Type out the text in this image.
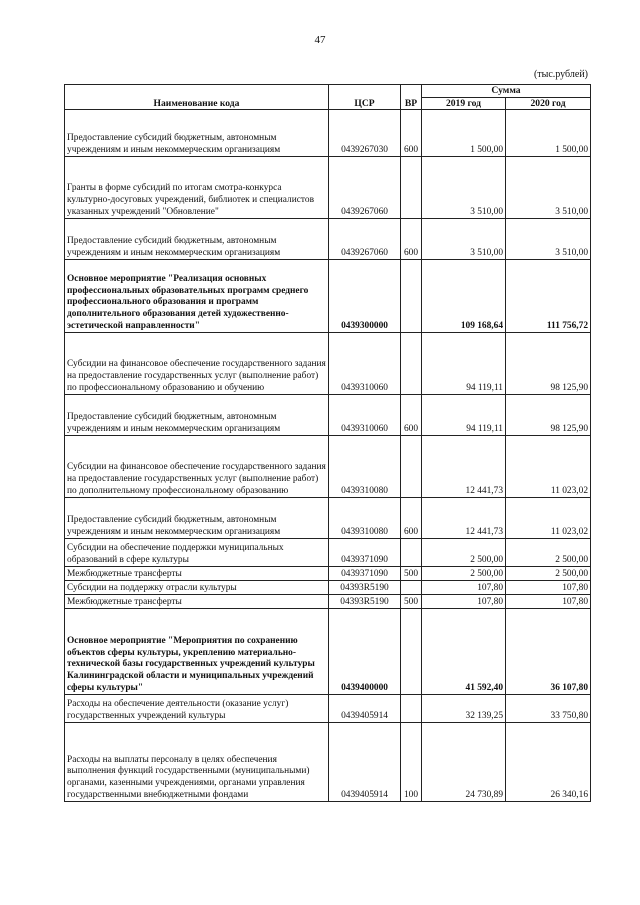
47
(тыс.рублей)
Наименование кода	ЦСР	ВР	Сумма	
			2019 год	2020 год
Предоставление субсидий бюджетным, автономным учреждениям и иным некоммерческим организациям	0439267030	600	1 500,00	1 500,00
Гранты в форме субсидий по итогам смотра-конкурса культурно-досуговых учреждений, библиотек и специалистов указанных учреждений "Обновление"	0439267060		3 510,00	3 510,00
Предоставление субсидий бюджетным, автономным учреждениям и иным некоммерческим организациям	0439267060	600	3 510,00	3 510,00
Основное мероприятие "Реализация основных профессиональных образовательных программ среднего профессионального образования и программ дополнительного образования детей художественно-эстетической направленности"	0439300000		109 168,64	111 756,72
Субсидии на финансовое обеспечение государственного задания на предоставление государственных услуг (выполнение работ) по профессиональному образованию и обучению	0439310060		94 119,11	98 125,90
Предоставление субсидий бюджетным, автономным учреждениям и иным некоммерческим организациям	0439310060	600	94 119,11	98 125,90
Субсидии на финансовое обеспечение государственного задания на предоставление государственных услуг (выполнение работ) по дополнительному профессиональному образованию	0439310080		12 441,73	11 023,02
Предоставление субсидий бюджетным, автономным учреждениям и иным некоммерческим организациям	0439310080	600	12 441,73	11 023,02
Субсидии на обеспечение поддержки муниципальных образований в сфере культуры	0439371090		2 500,00	2 500,00
Межбюджетные трансферты	0439371090	500	2 500,00	2 500,00
Субсидии на поддержку отрасли культуры	04393R5190		107,80	107,80
Межбюджетные трансферты	04393R5190	500	107,80	107,80
Основное мероприятие "Мероприятия по сохранению объектов сферы культуры, укреплению материально-технической базы государственных учреждений культуры Калининградской области и муниципальных учреждений сферы культуры"	0439400000		41 592,40	36 107,80
Расходы на обеспечение деятельности (оказание услуг) государственных учреждений культуры	0439405914		32 139,25	33 750,80
Расходы на выплаты персоналу в целях обеспечения выполнения функций государственными (муниципальными) органами, казенными учреждениями, органами управления государственными внебюджетными фондами	0439405914	100	24 730,89	26 340,16
